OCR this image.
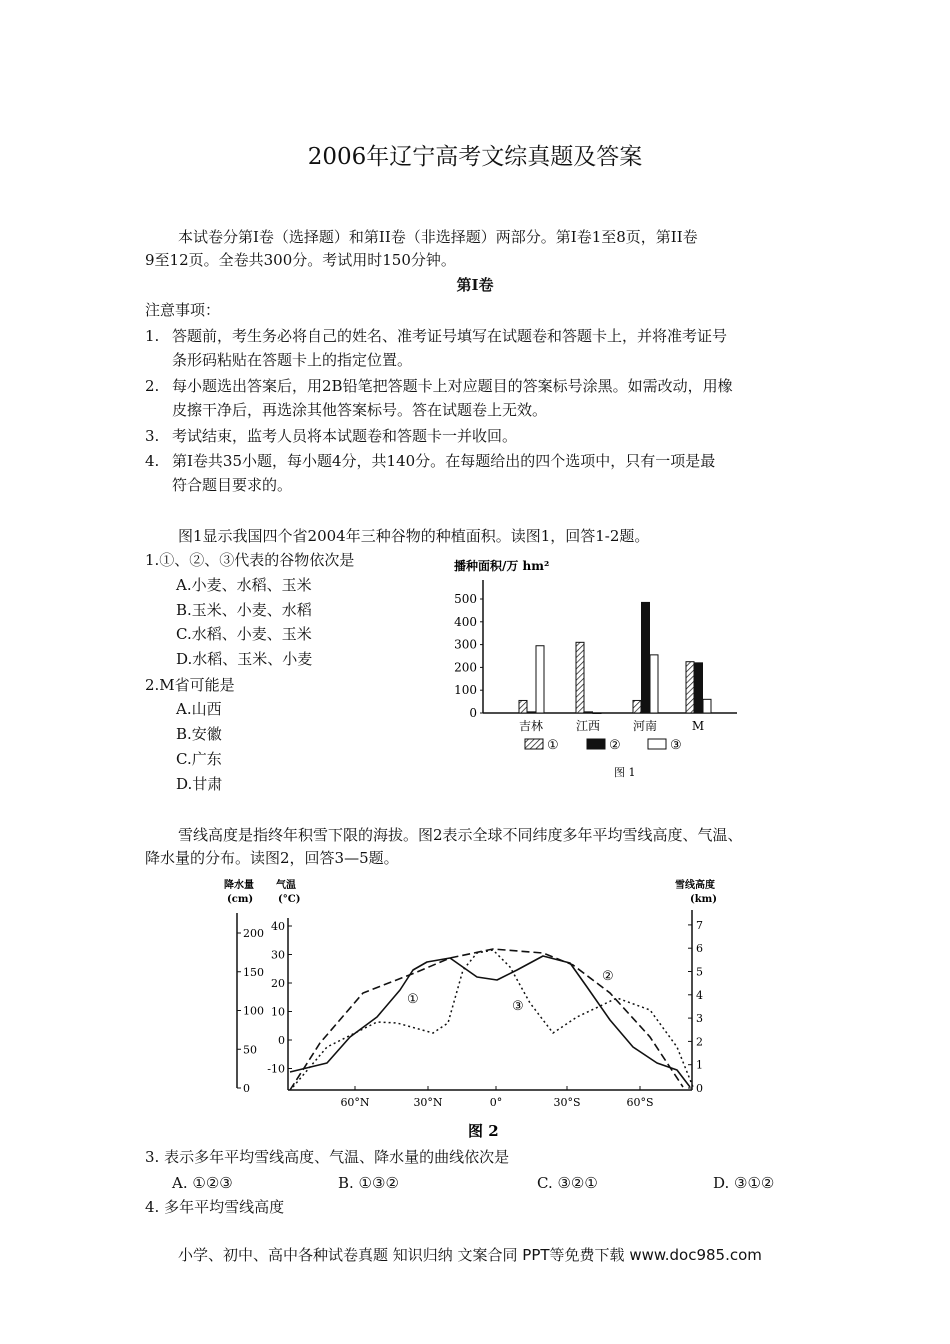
2006年辽宁高考文综真题及答案
本试卷分第I卷（选择题）和第II卷（非选择题）两部分。第I卷1至8页，第II卷
9至12页。全卷共300分。考试用时150分钟。
第I卷
注意事项：
1. 答题前，考生务必将自己的姓名、准考证号填写在试题卷和答题卡上，并将准考证号
条形码粘贴在答题卡上的指定位置。
2. 每小题选出答案后，用2B铅笔把答题卡上对应题目的答案标号涂黑。如需改动，用橡
皮擦干净后，再选涂其他答案标号。答在试题卷上无效。
3. 考试结束，监考人员将本试题卷和答题卡一并收回。
4. 第I卷共35小题，每小题4分，共140分。在每题给出的四个选项中，只有一项是最
符合题目要求的。
图1显示我国四个省2004年三种谷物的种植面积。读图1，回答1-2题。
1.①、②、③代表的谷物依次是
A.小麦、水稻、玉米
B.玉米、小麦、水稻
C.水稻、小麦、玉米
D.水稻、玉米、小麦
2.M省可能是
A.山西
B.安徽
C.广东
D.甘肃
播种面积/万 hm²
0
100
200
300
400
500
吉林	江西	河南	M
①	②	③
图 1
雪线高度是指终年积雪下限的海拔。图2表示全球不同纬度多年平均雪线高度、气温、
降水量的分布。读图2，回答3—5题。
降水量
(cm)
气温
(°C)
雪线高度
(km)
0
50
100
150
200
-10
0
10
20
30
40
0
1
2
3
4
5
6
7
60°N	30°N	0°	30°S	60°S
①
②
③
图 2
3. 表示多年平均雪线高度、气温、降水量的曲线依次是
A. ①②③	B. ①③②	C. ③②①	D. ③①②
4. 多年平均雪线高度
小学、初中、高中各种试卷真题 知识归纳 文案合同 PPT等免费下载 www.doc985.com
